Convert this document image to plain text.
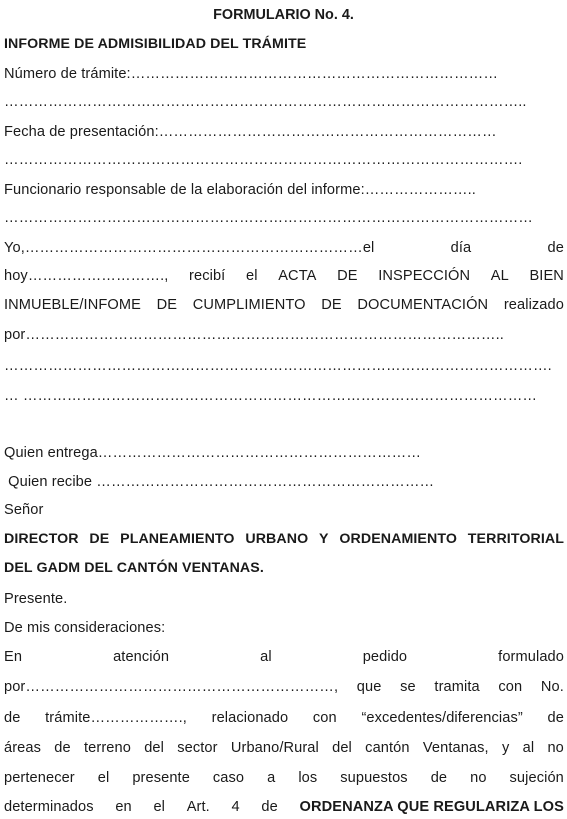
FORMULARIO No. 4.
INFORME DE ADMISIBILIDAD DEL TRÁMITE
Número de trámite:…………………………………………………………………
……………………………………………………………………………………………..
Fecha de presentación:……………………………………………………………
…………………………………………………………………………………………….
Funcionario responsable de la elaboración del informe:…………………..
………………………………………………………………………………………………
Yo,……………………………………………………………el	día	de
hoy………………………., recibí el ACTA DE INSPECCIÓN AL BIEN
INMUEBLE/INFOME DE CUMPLIMIENTO DE DOCUMENTACIÓN realizado
por……………………………………………………………………………………..
………………………………………………………………………………………………….
… ……………………………………………………………………………………………
Quien entrega…………………………………………………………
Quien recibe ……………………………………………………………
Señor
DIRECTOR DE PLANEAMIENTO URBANO Y ORDENAMIENTO TERRITORIAL
DEL GADM DEL CANTÓN VENTANAS.
Presente.
De mis consideraciones:
En	atención	al	pedido	formulado
por………………………………………………………, que se tramita con No.
de trámite………………., relacionado con “excedentes/diferencias” de
áreas de terreno del sector Urbano/Rural del cantón Ventanas, y al no
pertenecer el presente caso a los supuestos de no sujeción
determinados en el Art. 4 de ORDENANZA QUE REGULARIZA LOS
